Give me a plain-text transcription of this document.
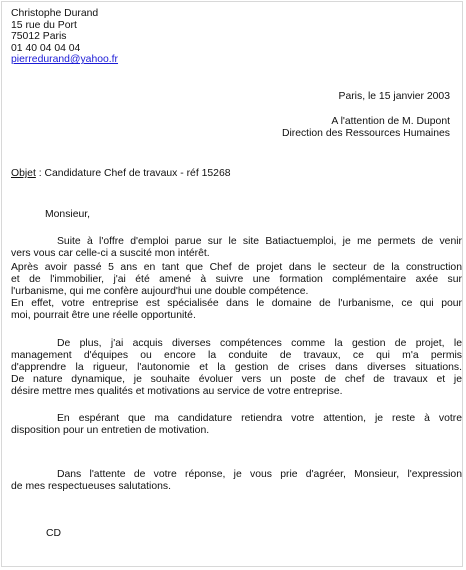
Christophe Durand
15 rue du Port
75012 Paris
01 40 04 04 04
pierredurand@yahoo.fr
Paris, le 15 janvier 2003
A l'attention de M. Dupont
Direction des Ressources Humaines
Objet : Candidature Chef de travaux - réf 15268
Monsieur,
Suite à l'offre d'emploi parue sur le site Batiactuemploi, je me permets de venir
vers vous car celle-ci a suscité mon intérêt.
Après avoir passé 5 ans en tant que Chef de projet dans le secteur de la construction
et de l'immobilier, j'ai été amené à suivre une formation complémentaire axée sur
l'urbanisme, qui me confère aujourd'hui une double compétence.
En effet, votre entreprise est spécialisée dans le domaine de l'urbanisme, ce qui pour
moi, pourrait être une réelle opportunité.
De plus, j'ai acquis diverses compétences comme la gestion de projet, le
management d'équipes ou encore la conduite de travaux, ce qui m'a permis
d'apprendre la rigueur, l'autonomie et la gestion de crises dans diverses situations.
De nature dynamique, je souhaite évoluer vers un poste de chef de travaux et je
désire mettre mes qualités et motivations au service de votre entreprise.
En espérant que ma candidature retiendra votre attention, je reste à votre
disposition pour un entretien de motivation.
Dans l'attente de votre réponse, je vous prie d'agréer, Monsieur, l'expression
de mes respectueuses salutations.
CD
